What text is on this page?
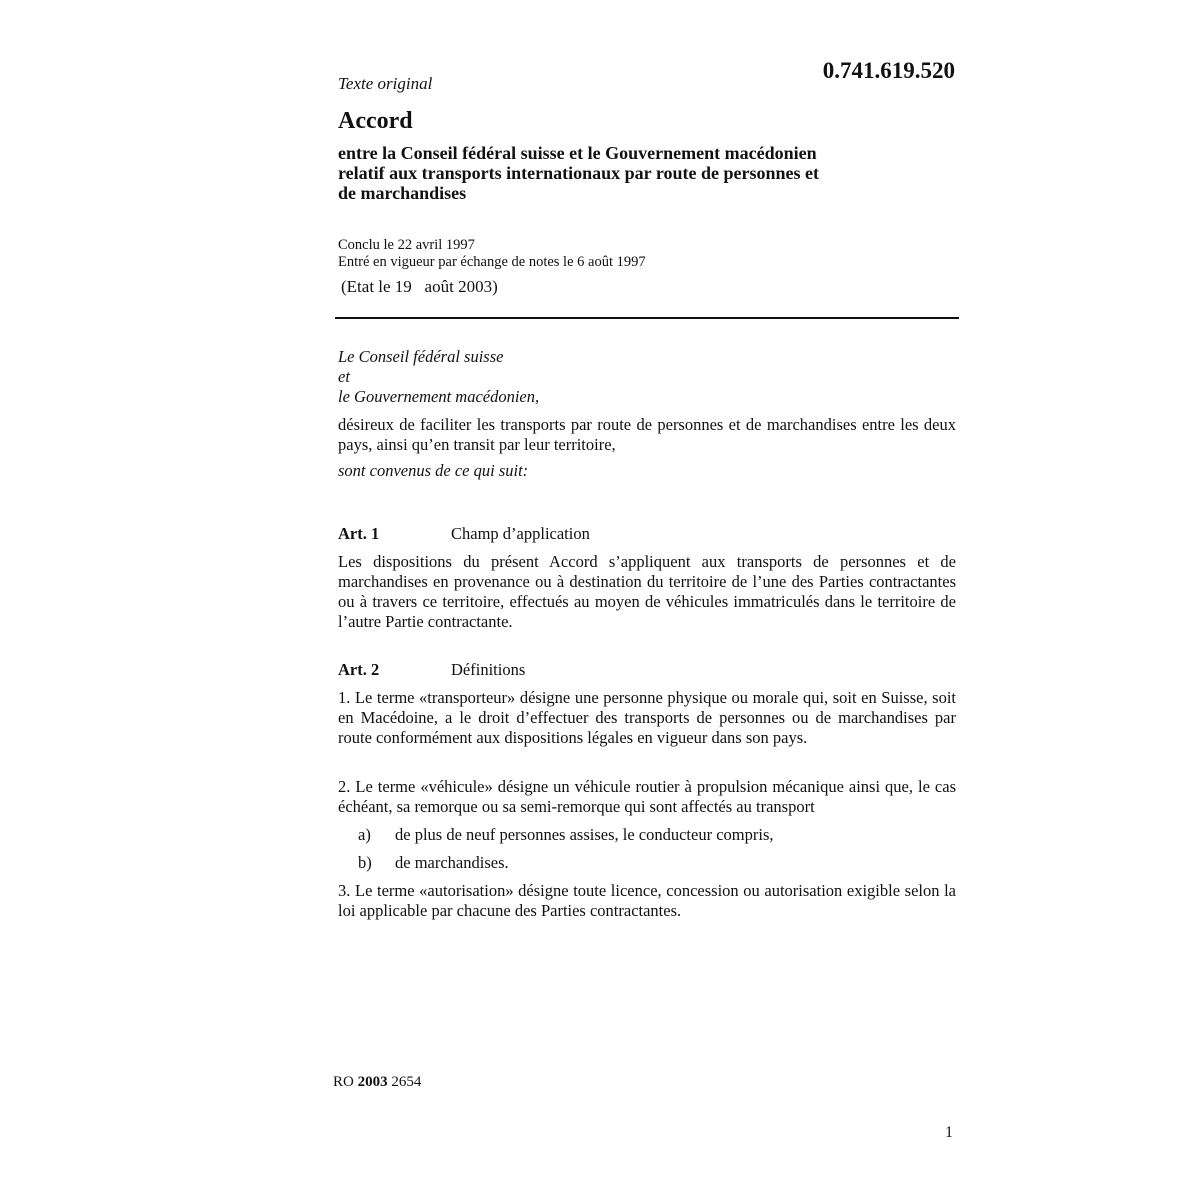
0.741.619.520
Texte original
Accord
entre la Conseil fédéral suisse et le Gouvernement macédonien
relatif aux transports internationaux par route de personnes et
de marchandises
Conclu le 22 avril 1997
Entré en vigueur par échange de notes le 6 août 1997
(Etat le 19   août 2003)
Le Conseil fédéral suisse
et
le Gouvernement macédonien,
désireux de faciliter les transports par route de personnes et de marchandises entre les deux pays, ainsi qu’en transit par leur territoire,
sont convenus de ce qui suit:
Art. 1	Champ d’application
Les dispositions du présent Accord s’appliquent aux transports de personnes et de marchandises en provenance ou à destination du territoire de l’une des Parties contractantes ou à travers ce territoire, effectués au moyen de véhicules immatriculés dans le territoire de l’autre Partie contractante.
Art. 2	Définitions
1. Le terme «transporteur» désigne une personne physique ou morale qui, soit en Suisse, soit en Macédoine, a le droit d’effectuer des transports de personnes ou de marchandises par route conformément aux dispositions légales en vigueur dans son pays.
2. Le terme «véhicule» désigne un véhicule routier à propulsion mécanique ainsi que, le cas échéant, sa remorque ou sa semi-remorque qui sont affectés au transport
a) de plus de neuf personnes assises, le conducteur compris,
b) de marchandises.
3. Le terme «autorisation» désigne toute licence, concession ou autorisation exigible selon la loi applicable par chacune des Parties contractantes.
RO 2003 2654
1
